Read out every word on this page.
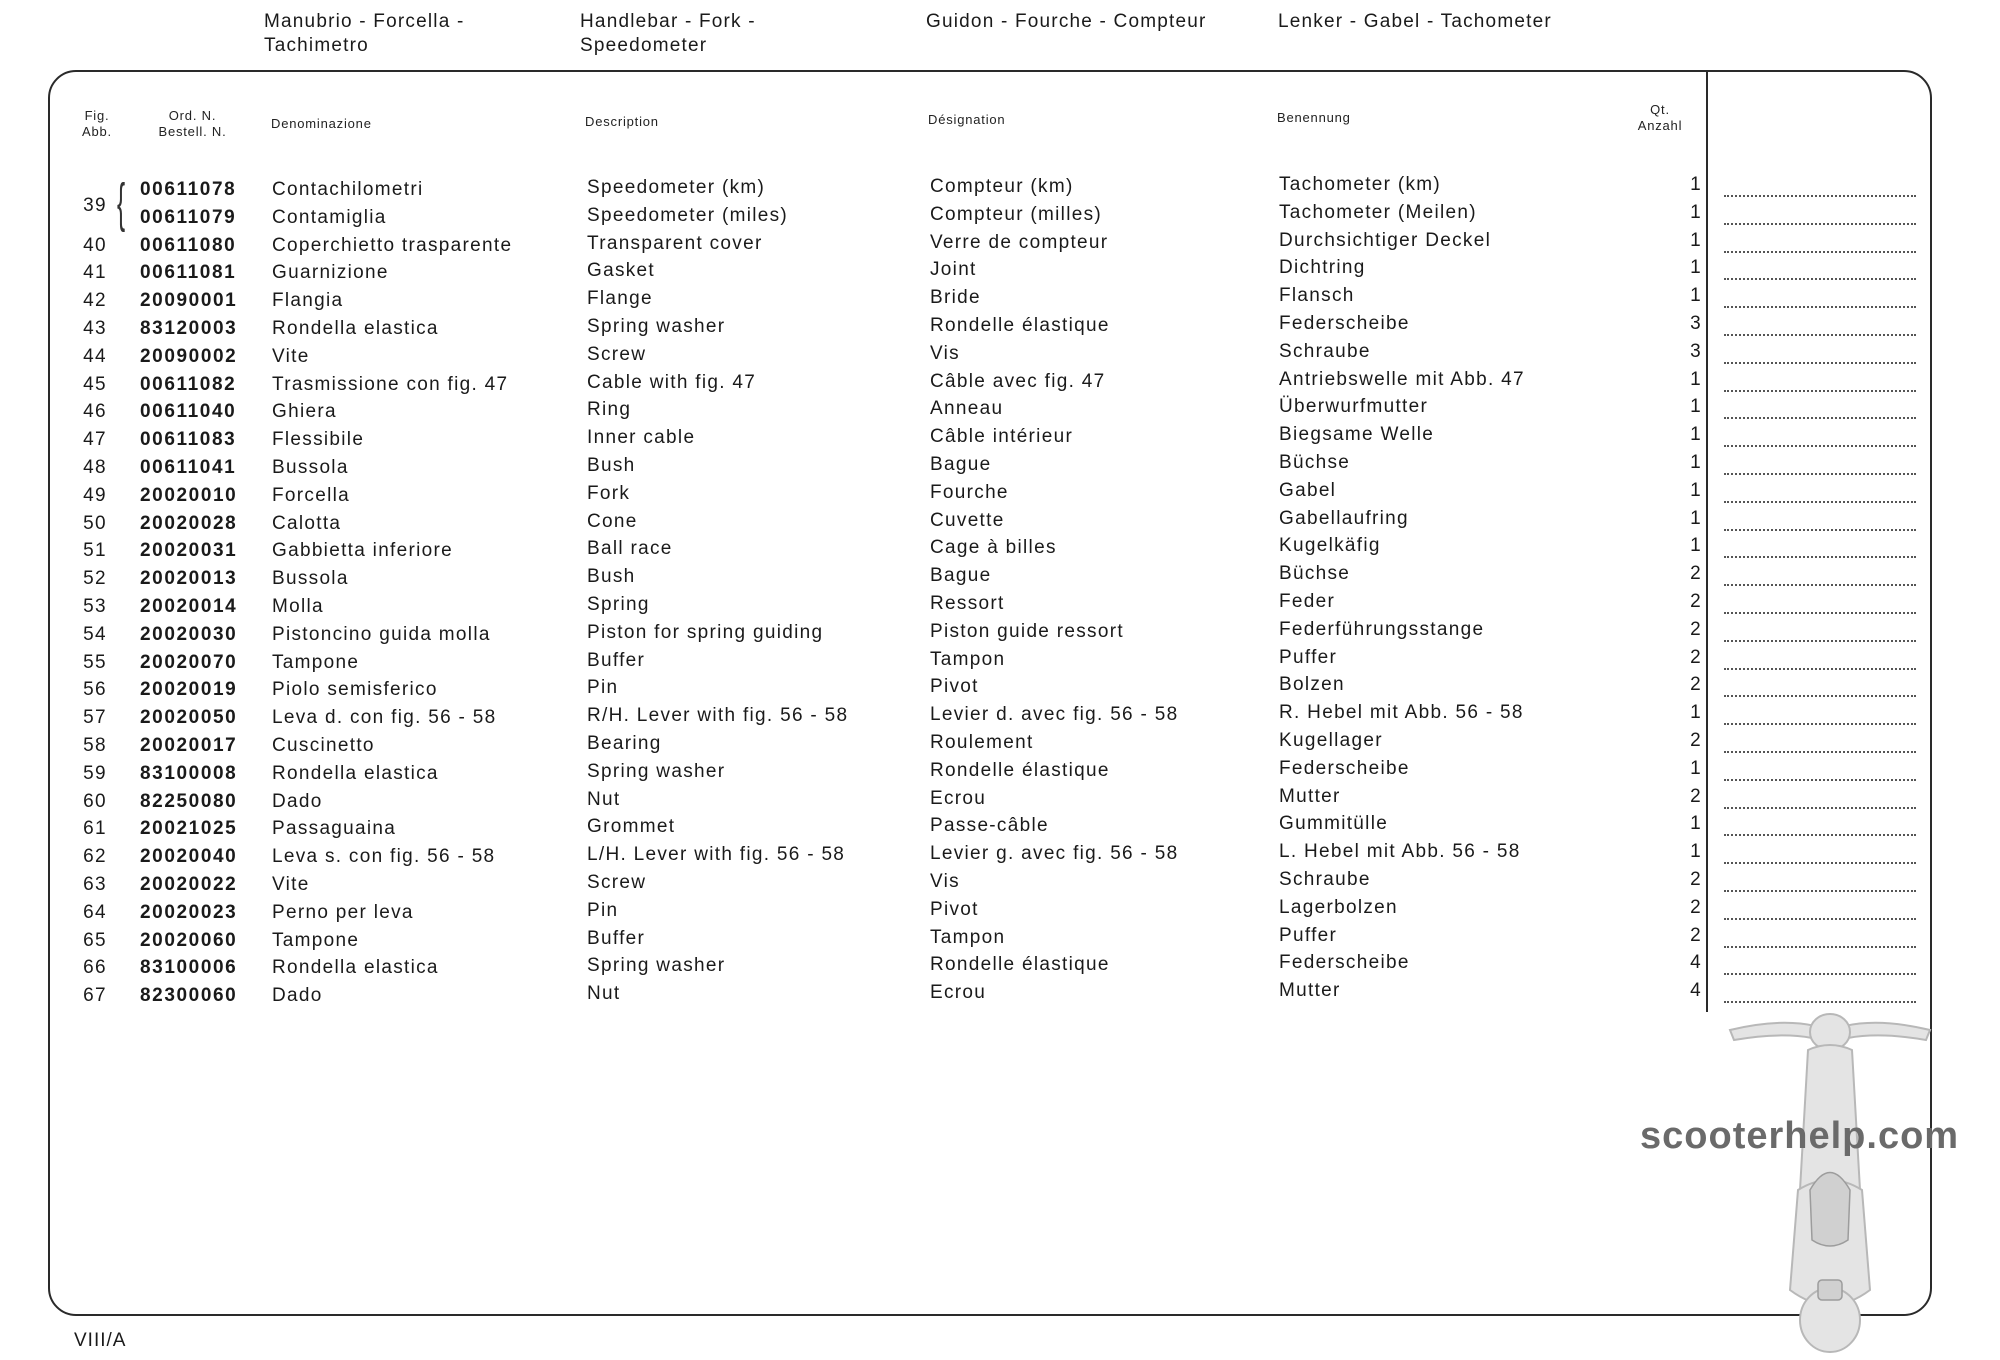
Manubrio - Forcella -
Tachimetro
Handlebar - Fork -
Speedometer
Guidon - Fourche - Compteur	Lenker - Gabel - Tachometer
Fig.
Abb.
Ord. N.
Bestell. N.
Denominazione	Description	Désignation	Benennung
Qt.
Anzahl
39 { 00611078 Contachilometri	Speedometer (km)	Compteur (km)	Tachometer (km)	1
00611079 Contamiglia	Speedometer (miles)	Compteur (milles)	Tachometer (Meilen)	1
40	00611080 Coperchietto trasparente	Transparent cover	Verre de compteur	Durchsichtiger Deckel	1
41	00611081 Guarnizione	Gasket	Joint	Dichtring	1
42	20090001 Flangia	Flange	Bride	Flansch	1
43	83120003 Rondella elastica	Spring washer	Rondelle élastique	Federscheibe	3
44	20090002 Vite	Screw	Vis	Schraube	3
45	00611082 Trasmissione con fig. 47	Cable with fig. 47	Câble avec fig. 47	Antriebswelle mit Abb. 47	1
46	00611040 Ghiera	Ring	Anneau	Überwurfmutter	1
47	00611083 Flessibile	Inner cable	Câble intérieur	Biegsame Welle	1
48	00611041 Bussola	Bush	Bague	Büchse	1
49	20020010 Forcella	Fork	Fourche	Gabel	1
50	20020028 Calotta	Cone	Cuvette	Gabellaufring	1
51	20020031 Gabbietta inferiore	Ball race	Cage à billes	Kugelkäfig	1
52	20020013 Bussola	Bush	Bague	Büchse	2
53	20020014 Molla	Spring	Ressort	Feder	2
54	20020030 Pistoncino guida molla	Piston for spring guiding	Piston guide ressort	Federführungsstange	2
55	20020070 Tampone	Buffer	Tampon	Puffer	2
56	20020019 Piolo semisferico	Pin	Pivot	Bolzen	2
57	20020050 Leva d. con fig. 56 - 58	R/H. Lever with fig. 56 - 58	Levier d. avec fig. 56 - 58	R. Hebel mit Abb. 56 - 58	1
58	20020017 Cuscinetto	Bearing	Roulement	Kugellager	2
59	83100008 Rondella elastica	Spring washer	Rondelle élastique	Federscheibe	1
60	82250080 Dado	Nut	Ecrou	Mutter	2
61	20021025 Passaguaina	Grommet	Passe-câble	Gummitülle	1
62	20020040 Leva s. con fig. 56 - 58	L/H. Lever with fig. 56 - 58	Levier g. avec fig. 56 - 58	L. Hebel mit Abb. 56 - 58	1
63	20020022 Vite	Screw	Vis	Schraube	2
64	20020023 Perno per leva	Pin	Pivot	Lagerbolzen	2
65	20020060 Tampone	Buffer	Tampon	Puffer	2
66	83100006 Rondella elastica	Spring washer	Rondelle élastique	Federscheibe	4
67	82300060 Dado	Nut	Ecrou	Mutter	4
VIII/A
scooterhelp.com
